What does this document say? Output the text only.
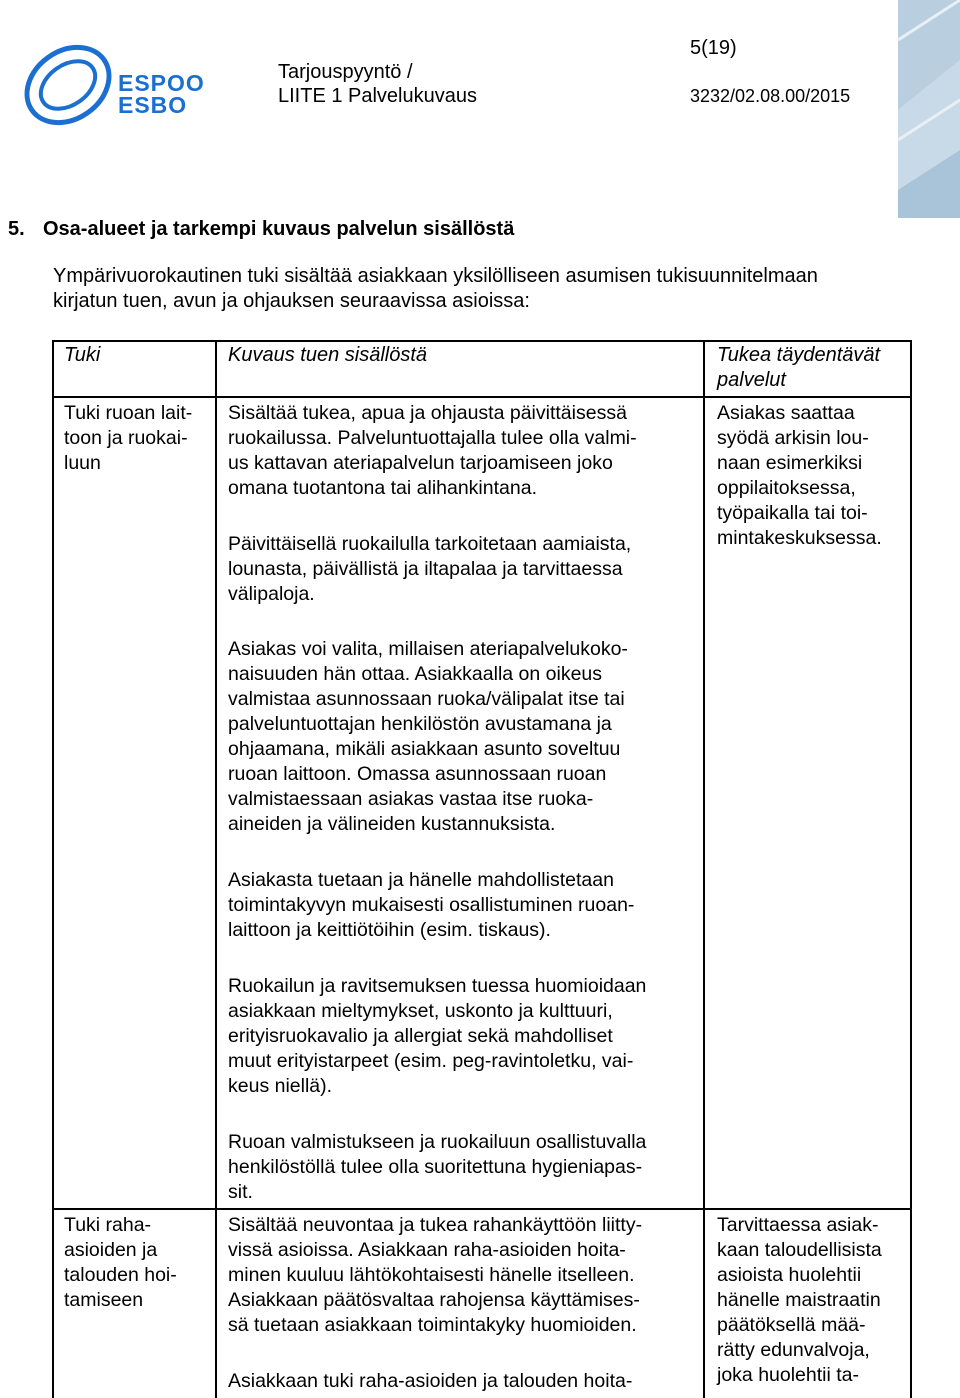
ESPOO
ESBO
Tarjouspyyntö /
LIITE 1 Palvelukuvaus
5(19)
3232/02.08.00/2015
5. Osa-alueet ja tarkempi kuvaus palvelun sisällöstä
Ympärivuorokautinen tuki sisältää asiakkaan yksilölliseen asumisen tukisuunnitelmaan
kirjatun tuen, avun ja ohjauksen seuraavissa asioissa:
Tuki	Kuvaus tuen sisällöstä	Tukea täydentävät
palvelut
Tuki ruoan lait-
toon ja ruokai-
luun

Sisältää tukea, apua ja ohjausta päivittäisessä
ruokailussa. Palveluntuottajalla tulee olla valmi-
us kattavan ateriapalvelun tarjoamiseen joko
omana tuotantona tai alihankintana.

Päivittäisellä ruokailulla tarkoitetaan aamiaista,
lounasta, päivällistä ja iltapalaa ja tarvittaessa
välipaloja.
Asiakas voi valita, millaisen ateriapalvelukoko-
naisuuden hän ottaa. Asiakkaalla on oikeus
valmistaa asunnossaan ruoka/välipalat itse tai
palveluntuottajan henkilöstön avustamana ja
ohjaamana, mikäli asiakkaan asunto soveltuu
ruoan laittoon. Omassa asunnossaan ruoan
valmistaessaan asiakas vastaa itse ruoka-
aineiden ja välineiden kustannuksista.
Asiakasta tuetaan ja hänelle mahdollistetaan
toimintakyvyn mukaisesti osallistuminen ruoan-
laittoon ja keittiötöihin (esim. tiskaus).
Ruokailun ja ravitsemuksen tuessa huomioidaan
asiakkaan mieltymykset, uskonto ja kulttuuri,
erityisruokavalio ja allergiat sekä mahdolliset
muut erityistarpeet (esim. peg-ravintoletku, vai-
keus niellä).
Ruoan valmistukseen ja ruokailuun osallistuvalla
henkilöstöllä tulee olla suoritettuna hygieniapas-
sit.
Asiakas saattaa
syödä arkisin lou-
naan esimerkiksi
oppilaitoksessa,
työpaikalla tai toi-
mintakeskuksessa.
Tuki raha-
asioiden ja
talouden hoi-
tamiseen
Sisältää neuvontaa ja tukea rahankäyttöön liitty-
vissä asioissa. Asiakkaan raha-asioiden hoita-
minen kuuluu lähtökohtaisesti hänelle itselleen.
Asiakkaan päätösvaltaa rahojensa käyttämises-
sä tuetaan asiakkaan toimintakyky huomioiden.
Asiakkaan tuki raha-asioiden ja talouden hoita-
Tarvittaessa asiak-
kaan taloudellisista
asioista huolehtii
hänelle maistraatin
päätöksellä mää-
rätty edunvalvoja,
joka huolehtii ta-
